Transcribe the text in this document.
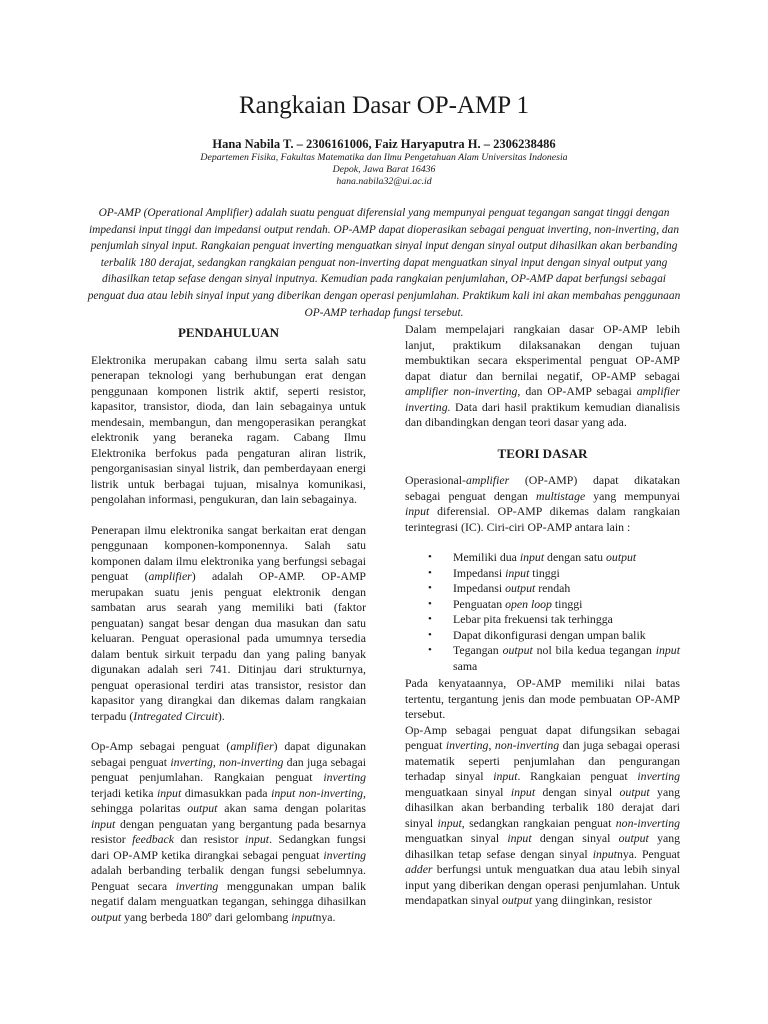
Rangkaian Dasar OP-AMP 1
Hana Nabila T. – 2306161006, Faiz Haryaputra H. – 2306238486
Departemen Fisika, Fakultas Matematika dan Ilmu Pengetahuan Alam Universitas Indonesia
Depok, Jawa Barat 16436
hana.nabila32@ui.ac.id
OP-AMP (Operational Amplifier) adalah suatu penguat diferensial yang mempunyai penguat tegangan sangat tinggi dengan impedansi input tinggi dan impedansi output rendah. OP-AMP dapat dioperasikan sebagai penguat inverting, non-inverting, dan penjumlah sinyal input. Rangkaian penguat inverting menguatkan sinyal input dengan sinyal output dihasilkan akan berbanding terbalik 180 derajat, sedangkan rangkaian penguat non-inverting dapat menguatkan sinyal input dengan sinyal output yang dihasilkan tetap sefase dengan sinyal inputnya. Kemudian pada rangkaian penjumlahan, OP-AMP dapat berfungsi sebagai penguat dua atau lebih sinyal input yang diberikan dengan operasi penjumlahan. Praktikum kali ini akan membahas penggunaan OP-AMP terhadap fungsi tersebut.
PENDAHULUAN

Elektronika merupakan cabang ilmu serta salah satu penerapan teknologi yang berhubungan erat dengan penggunaan komponen listrik aktif, seperti resistor, kapasitor, transistor, dioda, dan lain sebagainya untuk mendesain, membangun, dan mengoperasikan perangkat elektronik yang beraneka ragam. Cabang Ilmu Elektronika berfokus pada pengaturan aliran listrik, pengorganisasian sinyal listrik, dan pemberdayaan energi listrik untuk berbagai tujuan, misalnya komunikasi, pengolahan informasi, pengukuran, dan lain sebagainya.

Penerapan ilmu elektronika sangat berkaitan erat dengan penggunaan komponen-komponennya. Salah satu komponen dalam ilmu elektronika yang berfungsi sebagai penguat (amplifier) adalah OP-AMP. OP-AMP merupakan suatu jenis penguat elektronik dengan sambatan arus searah yang memiliki bati (faktor penguatan) sangat besar dengan dua masukan dan satu keluaran. Penguat operasional pada umumnya tersedia dalam bentuk sirkuit terpadu dan yang paling banyak digunakan adalah seri 741. Ditinjau dari strukturnya, penguat operasional terdiri atas transistor, resistor dan kapasitor yang dirangkai dan dikemas dalam rangkaian terpadu (Intregated Circuit).

Op-Amp sebagai penguat (amplifier) dapat digunakan sebagai penguat inverting, non-inverting dan juga sebagai penguat penjumlahan. Rangkaian penguat inverting terjadi ketika input dimasukkan pada input non-inverting, sehingga polaritas output akan sama dengan polaritas input dengan penguatan yang bergantung pada besarnya resistor feedback dan resistor input. Sedangkan fungsi dari OP-AMP ketika dirangkai sebagai penguat inverting adalah berbanding terbalik dengan fungsi sebelumnya. Penguat secara inverting menggunakan umpan balik negatif dalam menguatkan tegangan, sehingga dihasilkan output yang berbeda 180º dari gelombang inputnya.

Dalam mempelajari rangkaian dasar OP-AMP lebih lanjut, praktikum dilaksanakan dengan tujuan membuktikan secara eksperimental penguat OP-AMP dapat diatur dan bernilai negatif, OP-AMP sebagai amplifier non-inverting, dan OP-AMP sebagai amplifier inverting. Data dari hasil praktikum kemudian dianalisis dan dibandingkan dengan teori dasar yang ada.

TEORI DASAR

Operasional-amplifier (OP-AMP) dapat dikatakan sebagai penguat dengan multistage yang mempunyai input diferensial. OP-AMP dikemas dalam rangkaian terintegrasi (IC). Ciri-ciri OP-AMP antara lain :

• Memiliki dua input dengan satu output
• Impedansi input tinggi
• Impedansi output rendah
• Penguatan open loop tinggi
• Lebar pita frekuensi tak terhingga
• Dapat dikonfigurasi dengan umpan balik
• Tegangan output nol bila kedua tegangan input sama

Pada kenyataannya, OP-AMP memiliki nilai batas tertentu, tergantung jenis dan mode pembuatan OP-AMP tersebut.

Op-Amp sebagai penguat dapat difungsikan sebagai penguat inverting, non-inverting dan juga sebagai operasi matematik seperti penjumlahan dan pengurangan terhadap sinyal input. Rangkaian penguat inverting menguatkaan sinyal input dengan sinyal output yang dihasilkan akan berbanding terbalik 180 derajat dari sinyal input, sedangkan rangkaian penguat non-inverting menguatkan sinyal input dengan sinyal output yang dihasilkan tetap sefase dengan sinyal inputnya. Penguat adder berfungsi untuk menguatkan dua atau lebih sinyal input yang diberikan dengan operasi penjumlahan. Untuk mendapatkan sinyal output yang diinginkan, resistor
